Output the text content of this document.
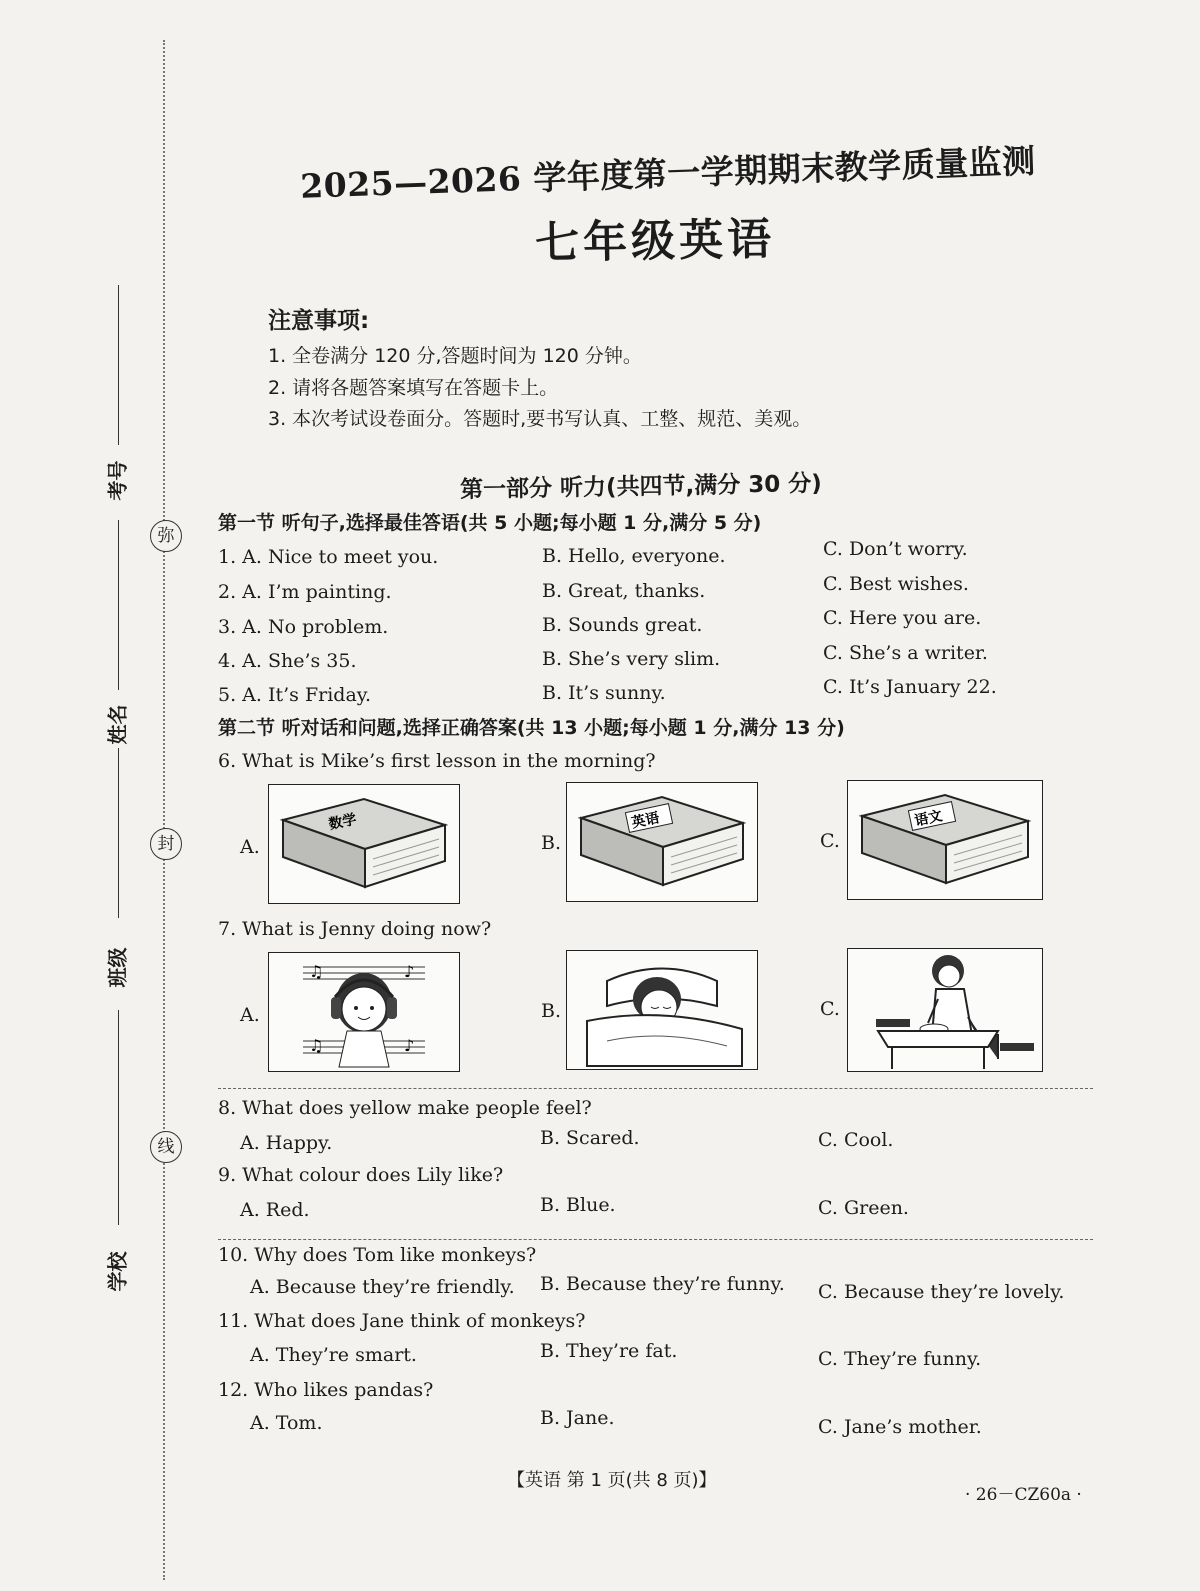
弥
封
线
考号
姓名
班级
学校
2025—2026 学年度第一学期期末教学质量监测
七年级英语
注意事项:
1. 全卷满分 120 分,答题时间为 120 分钟。
2. 请将各题答案填写在答题卡上。
3. 本次考试设卷面分。答题时,要书写认真、工整、规范、美观。
第一部分 听力(共四节,满分 30 分)
第一节 听句子,选择最佳答语(共 5 小题;每小题 1 分,满分 5 分)
1. A. Nice to meet you.	B. Hello, everyone.	C. Don’t worry.
2. A. I’m painting.	B. Great, thanks.	C. Best wishes.
3. A. No problem.	B. Sounds great.	C. Here you are.
4. A. She’s 35.	B. She’s very slim.	C. She’s a writer.
5. A. It’s Friday.	B. It’s sunny.	C. It’s January 22.
第二节 听对话和问题,选择正确答案(共 13 小题;每小题 1 分,满分 13 分)
6. What is Mike’s first lesson in the morning?
A.
数学
B.
英语
C.
语文
7. What is Jenny doing now?
A.
♫	♪
♫	♪
B.	C.
8. What does yellow make people feel?
A. Happy.	B. Scared.	C. Cool.
9. What colour does Lily like?
A. Red.	B. Blue.	C. Green.
10. Why does Tom like monkeys?
A. Because they’re friendly. B. Because they’re funny. C. Because they’re lovely.
11. What does Jane think of monkeys?
A. They’re smart.	B. They’re fat.	C. They’re funny.
12. Who likes pandas?
A. Tom.	B. Jane.	C. Jane’s mother.
【英语 第 1 页(共 8 页)】
· 26－CZ60a ·
